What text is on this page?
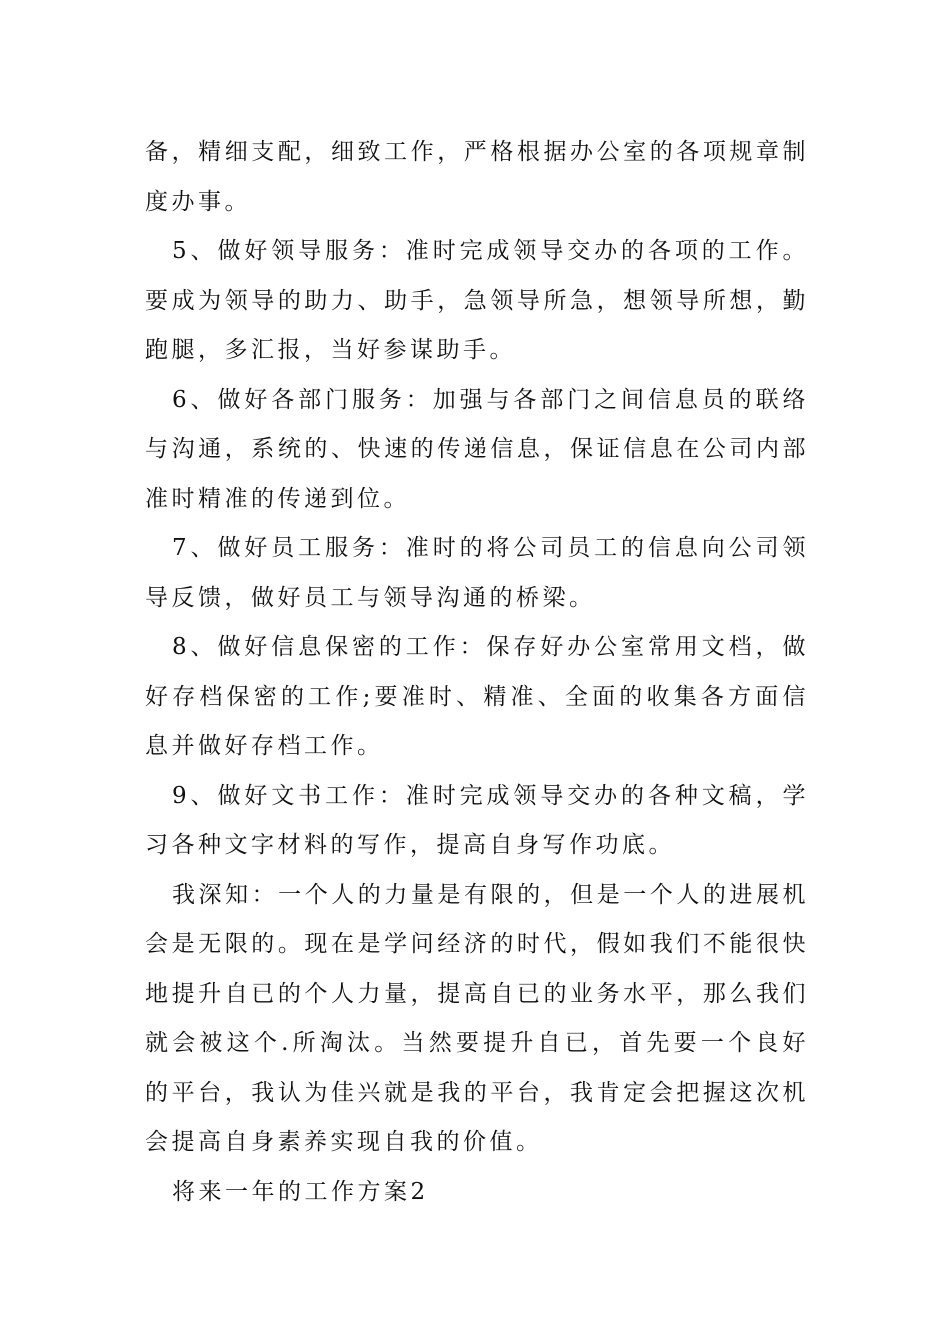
备，精细支配，细致工作，严格根据办公室的各项规章制度办事。

5、做好领导服务：准时完成领导交办的各项的工作。要成为领导的助力、助手，急领导所急，想领导所想，勤跑腿，多汇报，当好参谋助手。

6、做好各部门服务：加强与各部门之间信息员的联络与沟通，系统的、快速的传递信息，保证信息在公司内部准时精准的传递到位。

7、做好员工服务：准时的将公司员工的信息向公司领导反馈，做好员工与领导沟通的桥梁。

8、做好信息保密的工作：保存好办公室常用文档，做好存档保密的工作;要准时、精准、全面的收集各方面信息并做好存档工作。

9、做好文书工作：准时完成领导交办的各种文稿，学习各种文字材料的写作，提高自身写作功底。

我深知：一个人的力量是有限的，但是一个人的进展机会是无限的。现在是学问经济的时代，假如我们不能很快地提升自已的个人力量，提高自已的业务水平，那么我们就会被这个.所淘汰。当然要提升自已，首先要一个良好的平台，我认为佳兴就是我的平台，我肯定会把握这次机会提高自身素养实现自我的价值。

将来一年的工作方案2
